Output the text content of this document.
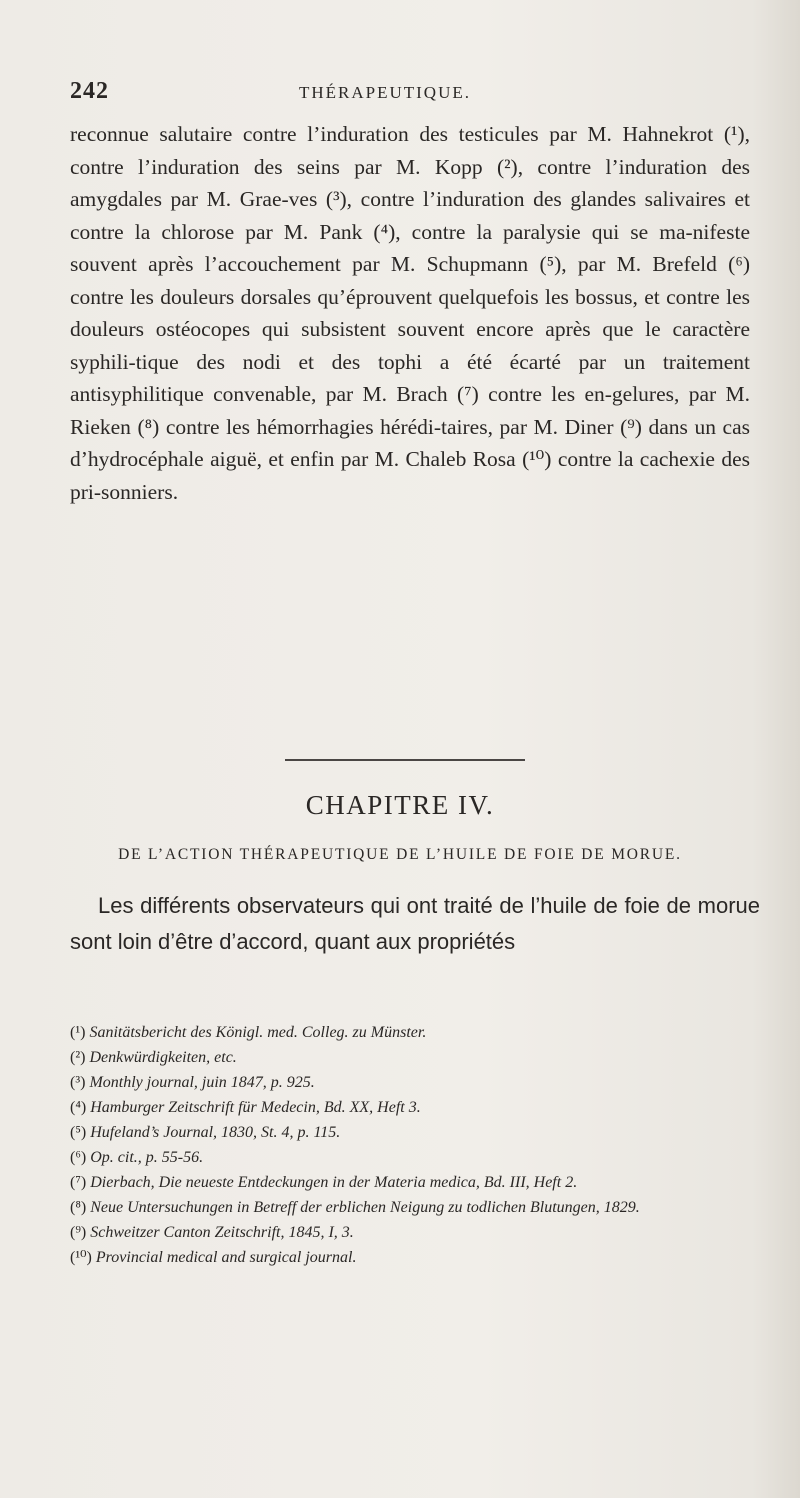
242	THÉRAPEUTIQUE.

reconnue salutaire contre l’induration des testicules par M. Hahnekrot (¹), contre l’induration des seins par M. Kopp (²), contre l’induration des amygdales par M. Grae-ves (³), contre l’induration des glandes salivaires et contre la chlorose par M. Pank (⁴), contre la paralysie qui se ma-nifeste souvent après l’accouchement par M. Schupmann (⁵), par M. Brefeld (⁶) contre les douleurs dorsales qu’éprouvent quelquefois les bossus, et contre les douleurs ostéocopes qui subsistent souvent encore après que le caractère syphili-tique des nodi et des tophi a été écarté par un traitement antisyphilitique convenable, par M. Brach (⁷) contre les en-gelures, par M. Rieken (⁸) contre les hémorrhagies hérédi-taires, par M. Diner (⁹) dans un cas d’hydrocéphale aiguë, et enfin par M. Chaleb Rosa (¹⁰) contre la cachexie des pri-sonniers.

CHAPITRE IV.
DE L’ACTION THÉRAPEUTIQUE DE L’HUILE DE FOIE DE MORUE.

Les différents observateurs qui ont traité de l’huile de foie de morue sont loin d’être d’accord, quant aux propriétés

(¹) Sanitätsbericht des Königl. med. Colleg. zu Münster.

(²) Denkwürdigkeiten, etc.

(³) Monthly journal, juin 1847, p. 925.

(⁴) Hamburger Zeitschrift für Medecin, Bd. XX, Heft 3.

(⁵) Hufeland’s Journal, 1830, St. 4, p. 115.

(⁶) Op. cit., p. 55-56.

(⁷) Dierbach, Die neueste Entdeckungen in der Materia medica, Bd. III, Heft 2.

(⁸) Neue Untersuchungen in Betreff der erblichen Neigung zu todlichen Blutungen, 1829.

(⁹) Schweitzer Canton Zeitschrift, 1845, I, 3.

(¹⁰) Provincial medical and surgical journal.
